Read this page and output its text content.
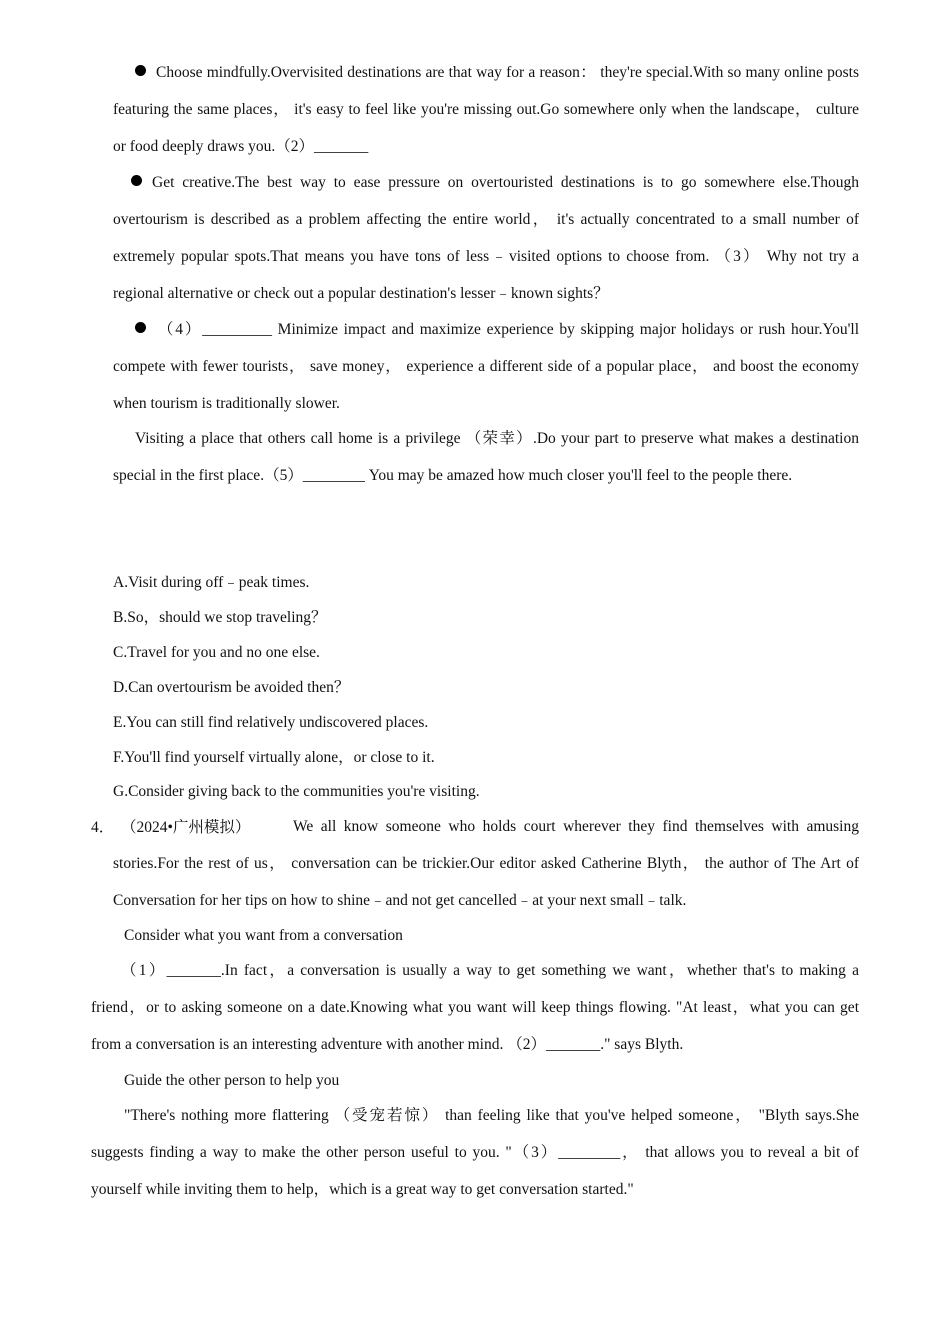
Choose mindfully.Overvisited destinations are that way for a reason： they're special.With so many online posts featuring the same places， it's easy to feel like you're missing out.Go somewhere only when the landscape， culture or food deeply draws you.（2）_______
Get creative.The best way to ease pressure on overtouristed destinations is to go somewhere else.Though overtourism is described as a problem affecting the entire world， it's actually concentrated to a small number of extremely popular spots.That means you have tons of less﹣visited options to choose from. （3） Why not try a regional alternative or check out a popular destination's lesser﹣known sights？
（4）_________ Minimize impact and maximize experience by skipping major holidays or rush hour.You'll compete with fewer tourists， save money， experience a different side of a popular place， and boost the economy when tourism is traditionally slower.
Visiting a place that others call home is a privilege （荣幸）.Do your part to preserve what makes a destination special in the first place.（5）________ You may be amazed how much closer you'll feel to the people there.
A.Visit during off﹣peak times.
B.So，should we stop traveling？
C.Travel for you and no one else.
D.Can overtourism be avoided then？
E.You can still find relatively undiscovered places.
F.You'll find yourself virtually alone，or close to it.
G.Consider giving back to the communities you're visiting.
4． （2024•广州模拟）	We all know someone who holds court wherever they find themselves with amusing stories.For the rest of us， conversation can be trickier.Our editor asked Catherine Blyth， the author of The Art of Conversation for her tips on how to shine﹣and not get cancelled﹣at your next small﹣talk.
Consider what you want from a conversation
（1）_______.In fact，a conversation is usually a way to get something we want，whether that's to making a friend，or to asking someone on a date.Knowing what you want will keep things flowing. "At least，what you can get from a conversation is an interesting adventure with another mind. （2）_______." says Blyth.
Guide the other person to help you
"There's nothing more flattering （受宠若惊） than feeling like that you've helped someone， "Blyth says.She suggests finding a way to make the other person useful to you. "（3）________， that allows you to reveal a bit of yourself while inviting them to help，which is a great way to get conversation started."
